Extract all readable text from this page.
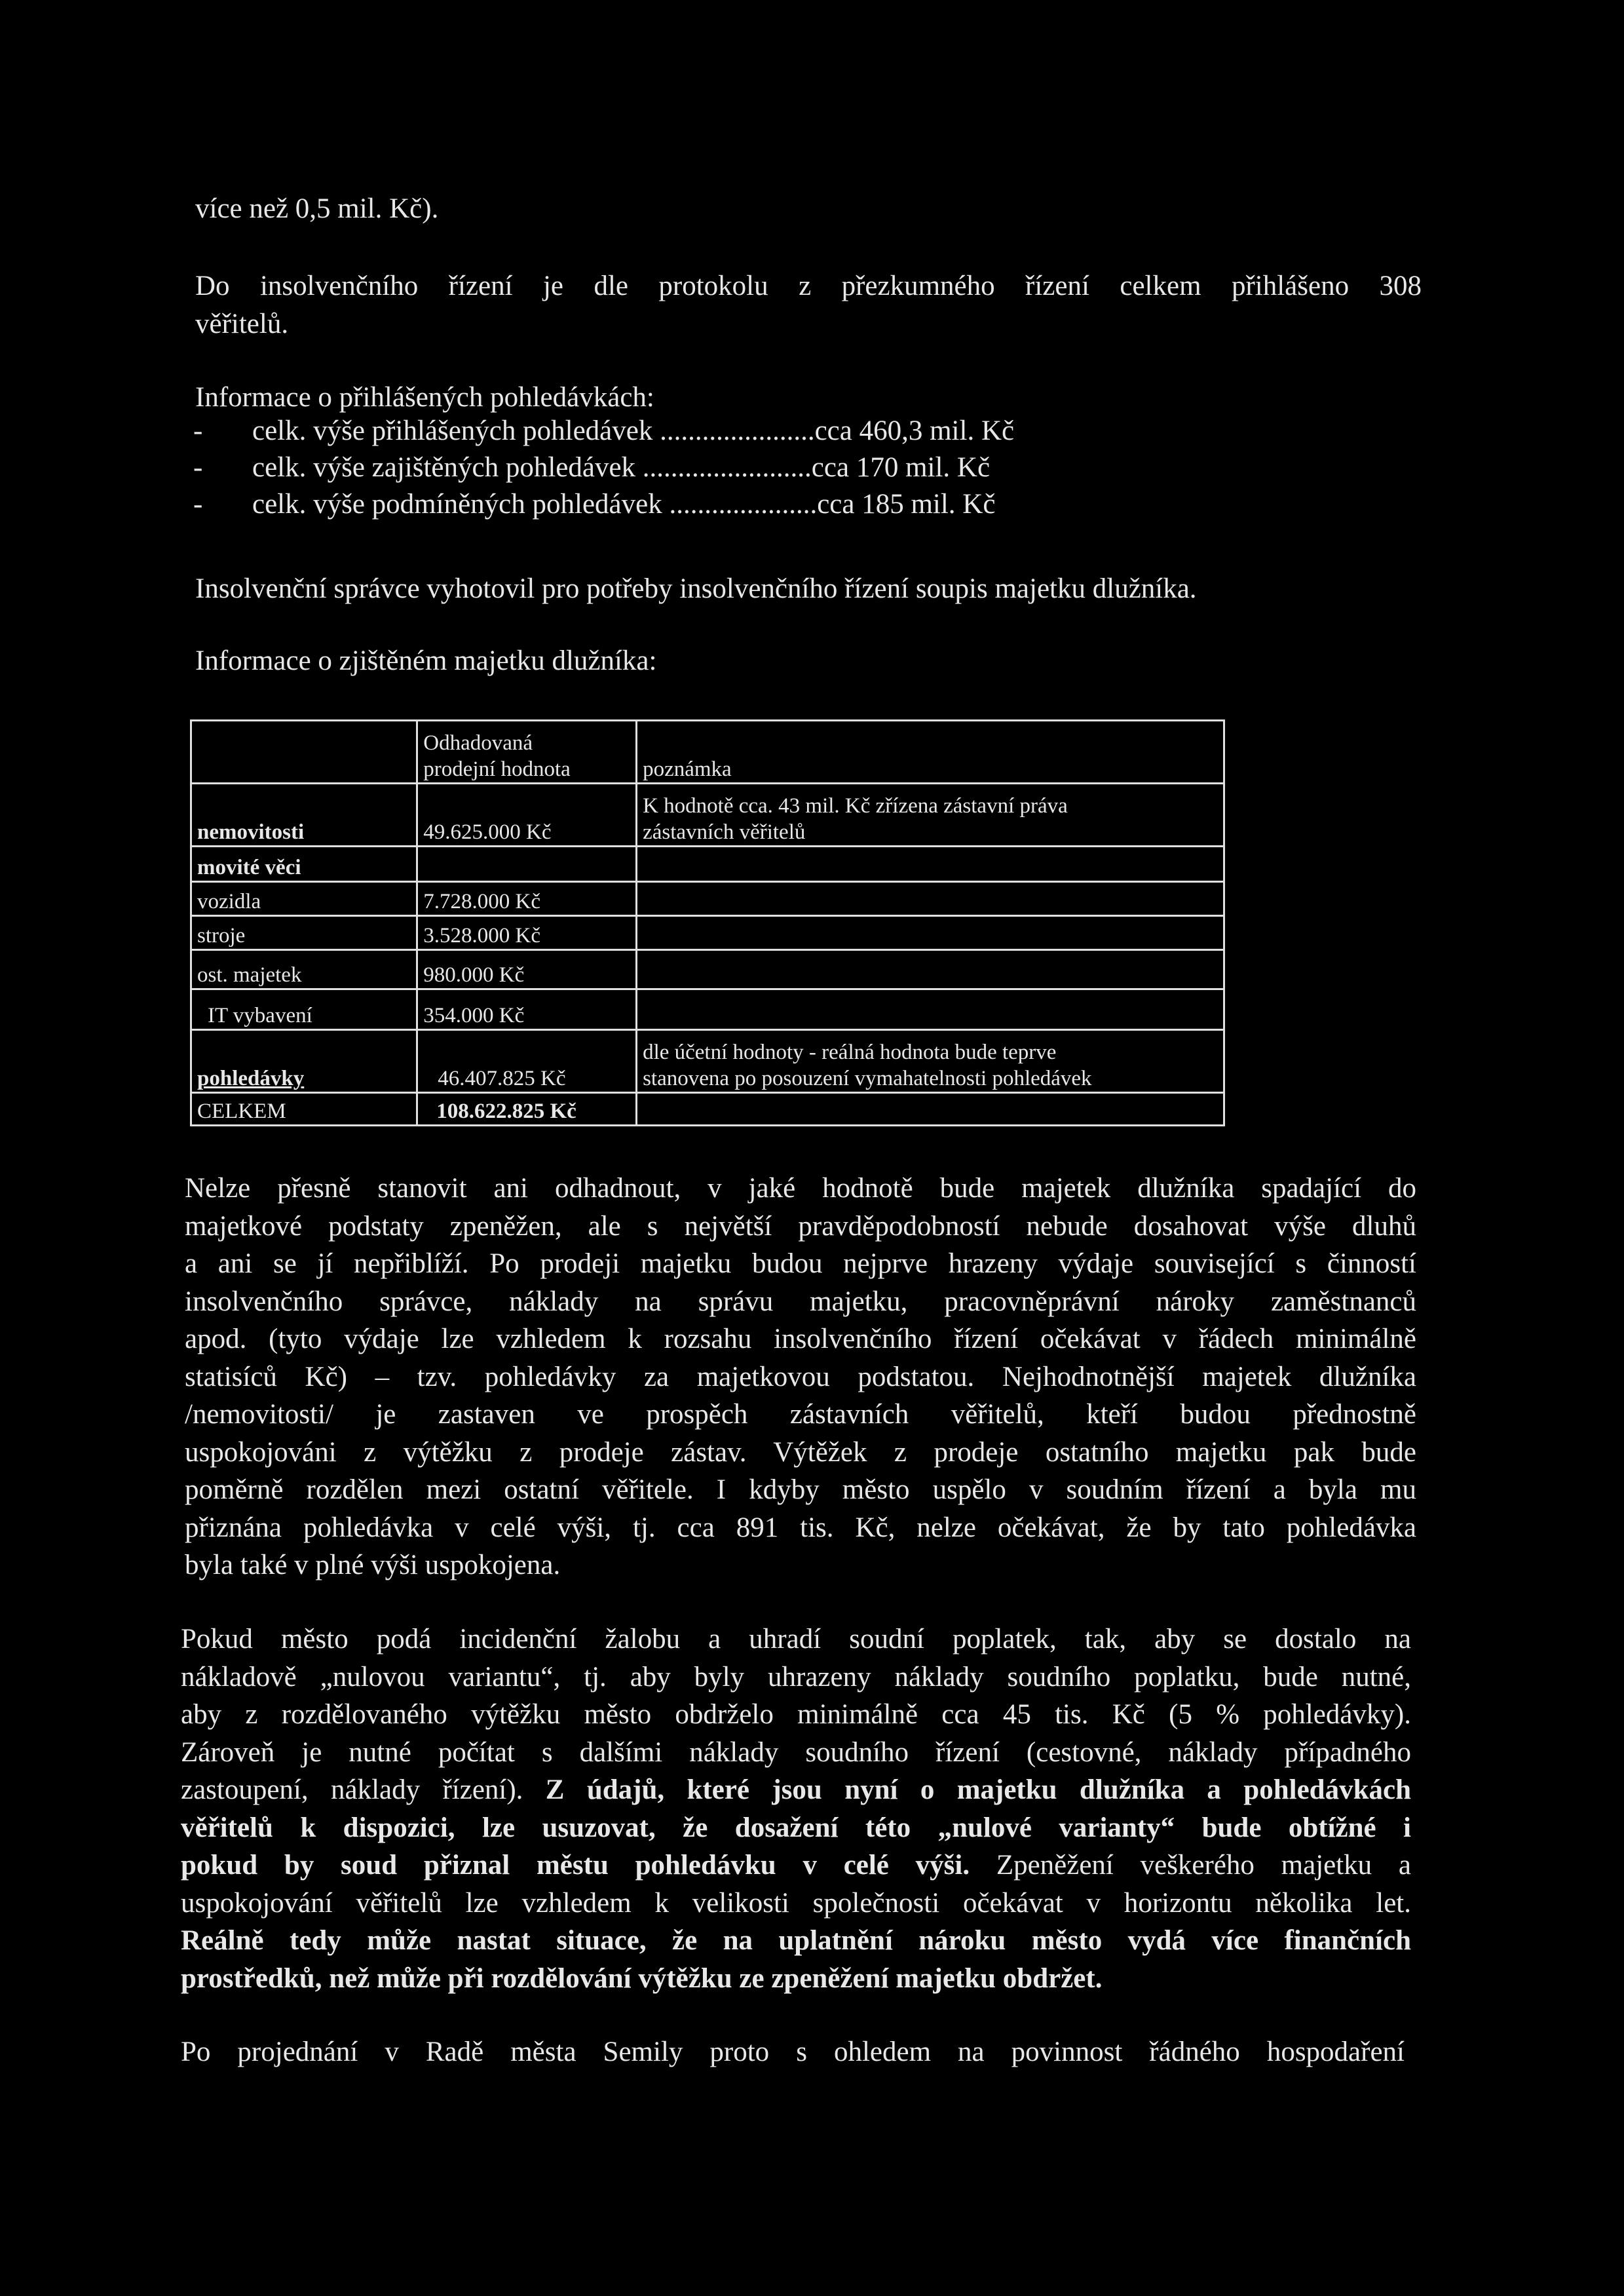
více než 0,5 mil. Kč).
Do insolvenčního řízení je dle protokolu z přezkumného řízení celkem přihlášeno 308
věřitelů.
Informace o přihlášených pohledávkách:
-	celk. výše přihlášených pohledávek ......................cca 460,3 mil. Kč
-	celk. výše zajištěných pohledávek ........................cca 170 mil. Kč
-	celk. výše podmíněných pohledávek .....................cca 185 mil. Kč
Insolvenční správce vyhotovil pro potřeby insolvenčního řízení soupis majetku dlužníka.
Informace o zjištěném majetku dlužníka:

	Odhadovaná
prodejní hodnota	poznámka
nemovitosti	49.625.000 Kč	K hodnotě cca. 43 mil. Kč zřízena zástavní práva
zástavních věřitelů

movité věci		
vozidla	7.728.000 Kč	
stroje	3.528.000 Kč	
ost. majetek	980.000 Kč	
IT vybavení	354.000 Kč	
pohledávky	46.407.825 Kč	dle účetní hodnoty - reálná hodnota bude teprve
stanovena po posouzení vymahatelnosti pohledávek

CELKEM	108.622.825 Kč	
Nelze přesně stanovit ani odhadnout, v jaké hodnotě bude majetek dlužníka spadající do
majetkové podstaty zpeněžen, ale s největší pravděpodobností nebude dosahovat výše dluhů
a ani se jí nepřiblíží. Po prodeji majetku budou nejprve hrazeny výdaje související s činností
insolvenčního správce, náklady na správu majetku, pracovněprávní nároky zaměstnanců
apod. (tyto výdaje lze vzhledem k rozsahu insolvenčního řízení očekávat v řádech minimálně
statisíců Kč) – tzv. pohledávky za majetkovou podstatou. Nejhodnotnější majetek dlužníka
/nemovitosti/ je zastaven ve prospěch zástavních věřitelů, kteří budou přednostně
uspokojováni z výtěžku z prodeje zástav. Výtěžek z prodeje ostatního majetku pak bude
poměrně rozdělen mezi ostatní věřitele. I kdyby město uspělo v soudním řízení a byla mu
přiznána pohledávka v celé výši, tj. cca 891 tis. Kč, nelze očekávat, že by tato pohledávka
byla také v plné výši uspokojena.
Pokud město podá incidenční žalobu a uhradí soudní poplatek, tak, aby se dostalo na
nákladově „nulovou variantu“, tj. aby byly uhrazeny náklady soudního poplatku, bude nutné,
aby z rozdělovaného výtěžku město obdrželo minimálně cca 45 tis. Kč (5 % pohledávky).
Zároveň je nutné počítat s dalšími náklady soudního řízení (cestovné, náklady případného
zastoupení, náklady řízení). Z údajů, které jsou nyní o majetku dlužníka a pohledávkách
věřitelů k dispozici, lze usuzovat, že dosažení této „nulové varianty“ bude obtížné i
pokud by soud přiznal městu pohledávku v celé výši. Zpeněžení veškerého majetku a
uspokojování věřitelů lze vzhledem k velikosti společnosti očekávat v horizontu několika let.
Reálně tedy může nastat situace, že na uplatnění nároku město vydá více finančních
prostředků, než může při rozdělování výtěžku ze zpeněžení majetku obdržet.
Po projednání v Radě města Semily proto s ohledem na povinnost řádného hospodaření
